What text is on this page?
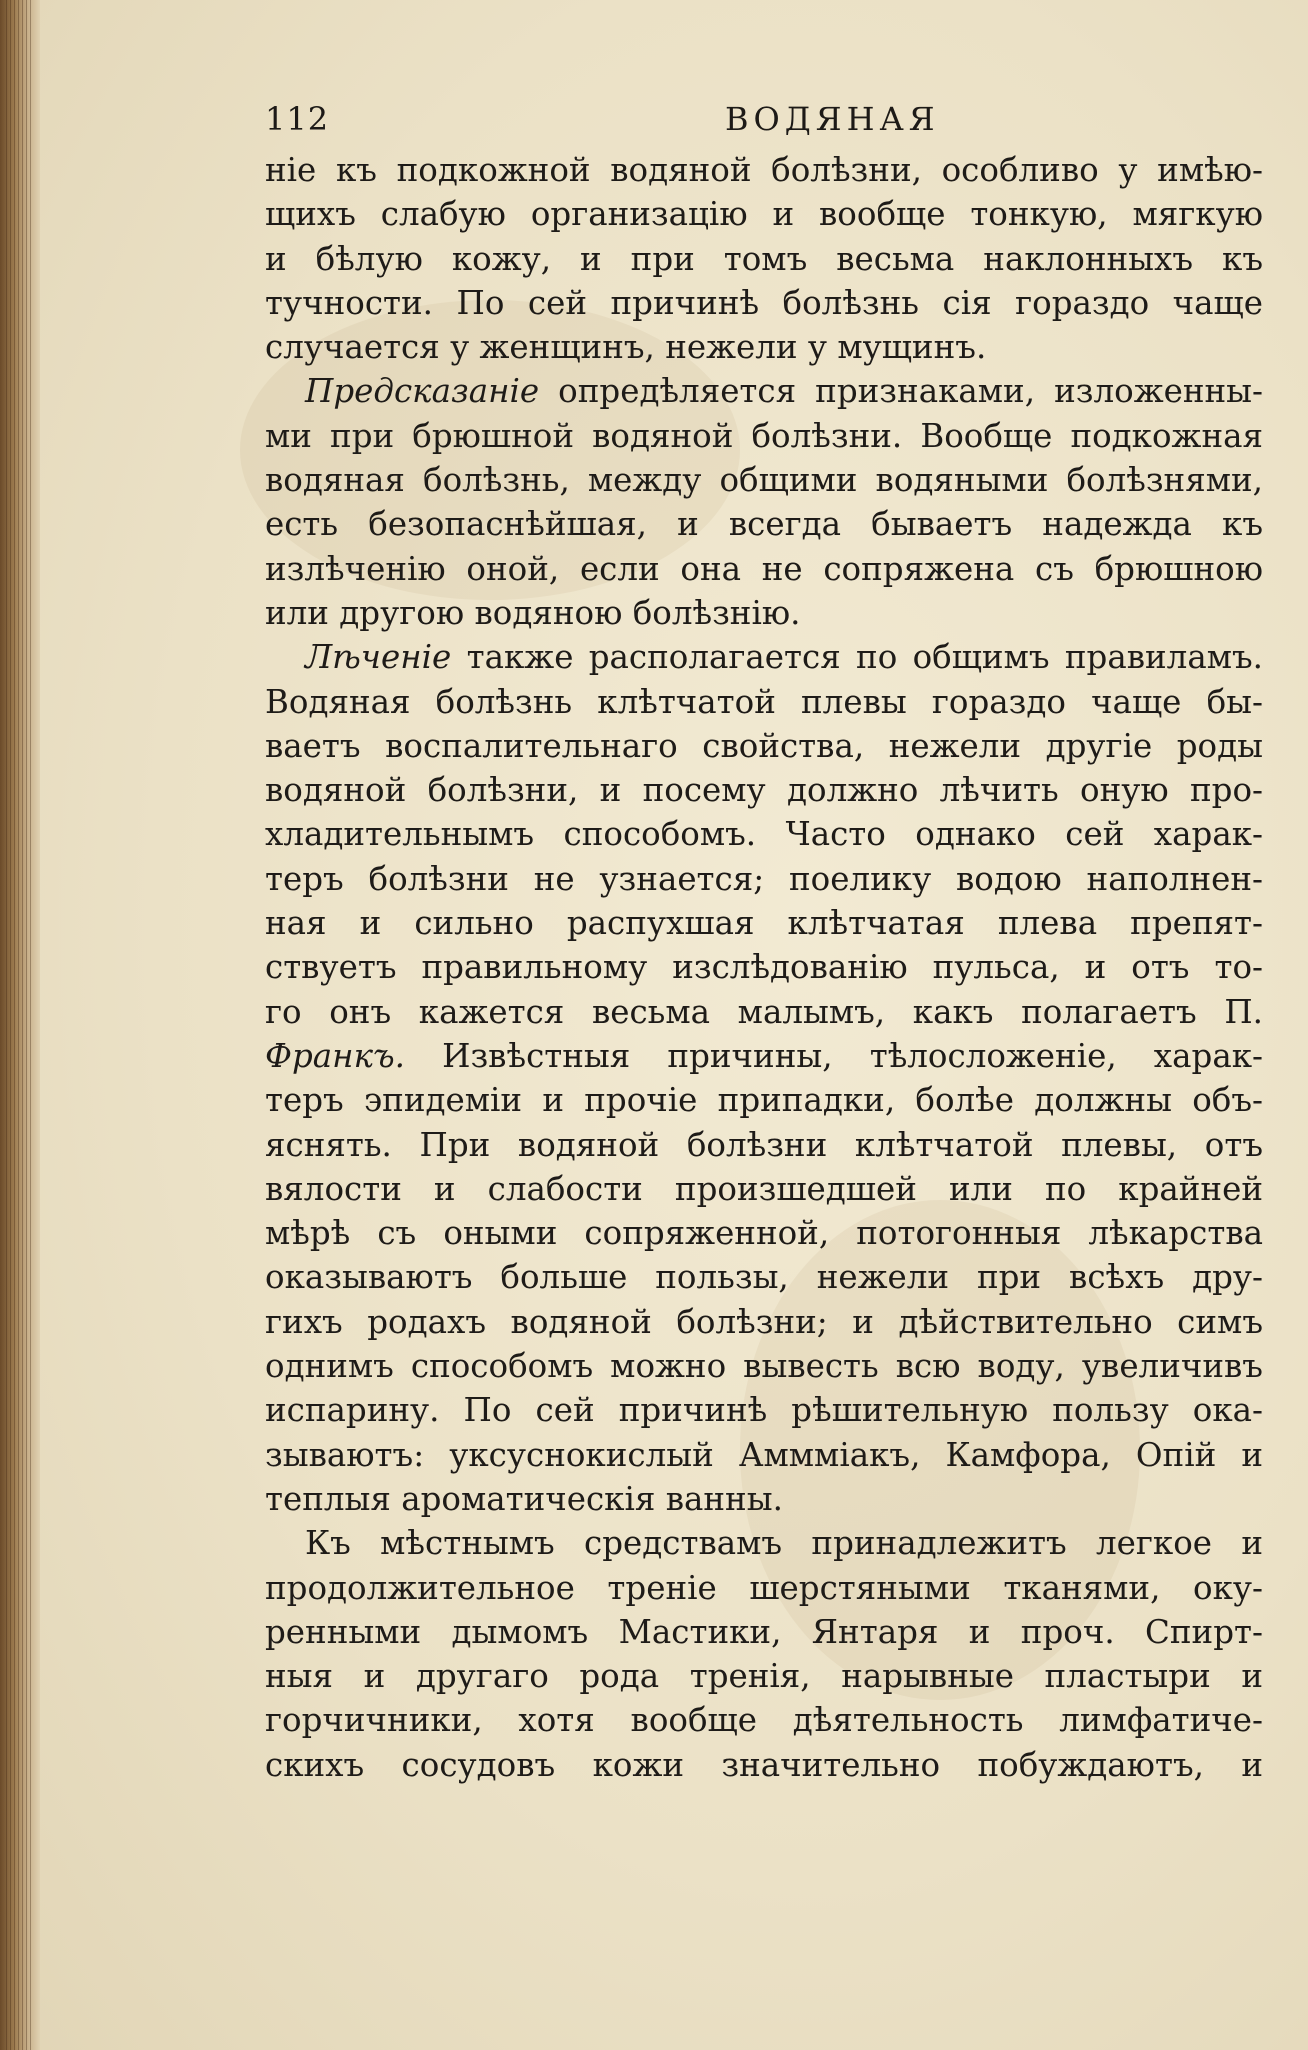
112	ВОДЯНАЯ
ніе къ подкожной водяной болѣзни, особливо у имѣю-
щихъ слабую организацію и вообще тонкую, мягкую
и бѣлую кожу, и при томъ весьма наклонныхъ къ
тучности. По сей причинѣ болѣзнь сія гораздо чаще
случается у женщинъ, нежели у мущинъ.
Предсказаніе опредѣляется признаками, изложенны-
ми при брюшной водяной болѣзни. Вообще подкожная
водяная болѣзнь, между общими водяными болѣзнями,
есть безопаснѣйшая, и всегда бываетъ надежда къ
излѣченію оной, если она не сопряжена съ брюшною
или другою водяною болѣзнію.
Лѣченіе также располагается по общимъ правиламъ.
Водяная болѣзнь клѣтчатой плевы гораздо чаще бы-
ваетъ воспалительнаго свойства, нежели другіе роды
водяной болѣзни, и посему должно лѣчить оную про-
хладительнымъ способомъ. Часто однако сей харак-
теръ болѣзни не узнается; поелику водою наполнен-
ная и сильно распухшая клѣтчатая плева препят-
ствуетъ правильному изслѣдованію пульса, и отъ то-
го онъ кажется весьма малымъ, какъ полагаетъ П.
Франкъ. Извѣстныя причины, тѣлосложеніе, харак-
теръ эпидеміи и прочіе припадки, болѣе должны объ-
яснять. При водяной болѣзни клѣтчатой плевы, отъ
вялости и слабости произшедшей или по крайней
мѣрѣ съ оными сопряженной, потогонныя лѣкарства
оказываютъ больше пользы, нежели при всѣхъ дру-
гихъ родахъ водяной болѣзни; и дѣйствительно симъ
однимъ способомъ можно вывесть всю воду, увеличивъ
испарину. По сей причинѣ рѣшительную пользу ока-
зываютъ: уксуснокислый Аммміакъ, Камфора, Опій и
теплыя ароматическія ванны.
Къ мѣстнымъ средствамъ принадлежитъ легкое и
продолжительное треніе шерстяными тканями, оку-
ренными дымомъ Мастики, Янтаря и проч. Спирт-
ныя и другаго рода тренія, нарывные пластыри и
горчичники, хотя вообще дѣятельность лимфатиче-
скихъ сосудовъ кожи значительно побуждаютъ, и
